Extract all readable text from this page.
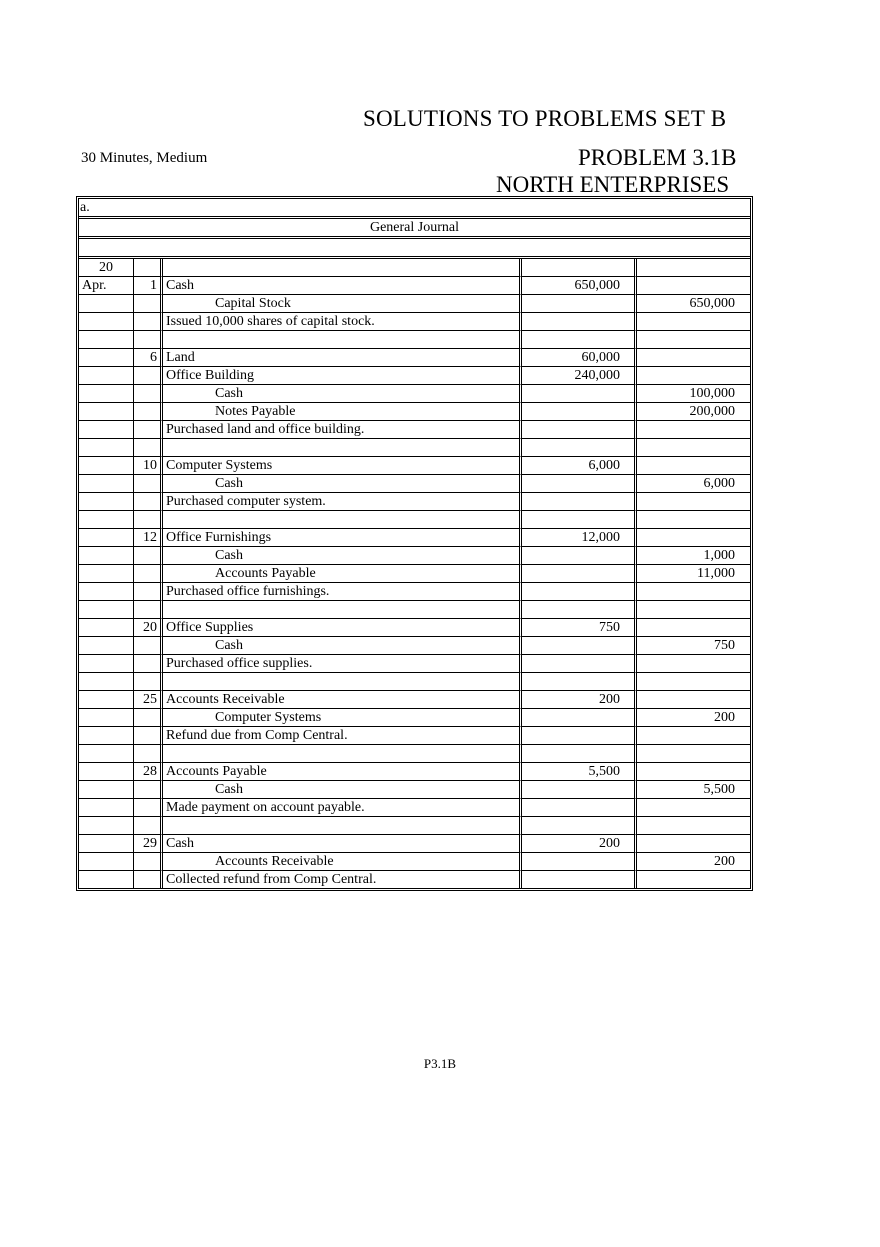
SOLUTIONS TO PROBLEMS SET B
30 Minutes, Medium	PROBLEM 3.1B
NORTH ENTERPRISES
a.				
General Journal				

20				
Apr.	1	Cash	650,000	
		Capital Stock		650,000
		Issued 10,000 shares of capital stock.		

	6	Land	60,000	
		Office Building	240,000	
		Cash		100,000
		Notes Payable		200,000
		Purchased land and office building.		

	10	Computer Systems	6,000	
		Cash		6,000
		Purchased computer system.		

	12	Office Furnishings	12,000	
		Cash		1,000
		Accounts Payable		11,000
		Purchased office furnishings.		

	20	Office Supplies	750	
		Cash		750
		Purchased office supplies.		

	25	Accounts Receivable	200	
		Computer Systems		200
		Refund due from Comp Central.		

	28	Accounts Payable	5,500	
		Cash		5,500
		Made payment on account payable.		

	29	Cash	200	
		Accounts Receivable		200
		Collected refund from Comp Central.		
P3.1B
